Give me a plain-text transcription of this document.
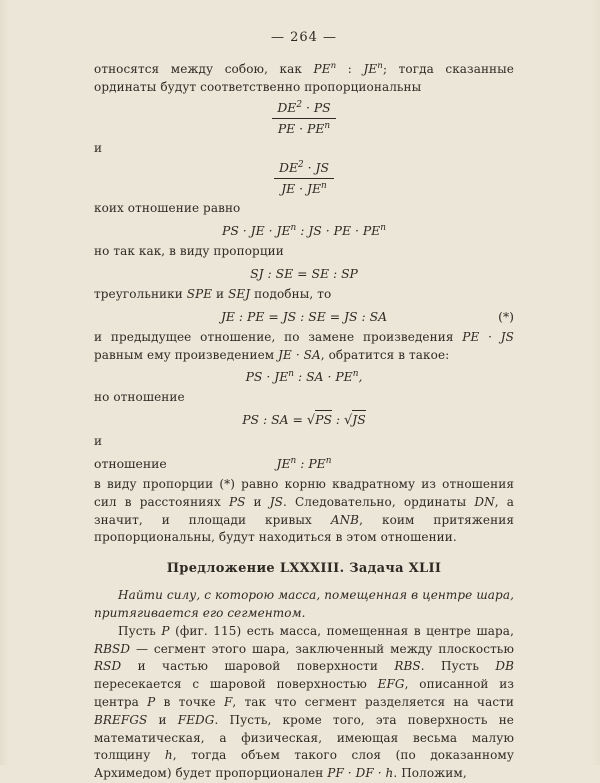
— 264 —

относятся между собою, как $PE^n$ : $JE^n$; тогда сказанные ординаты будут соответственно пропорциональны

$\frac{DE^2 \cdot PS}{PE \cdot PE^n}$

и

$\frac{DE^2 \cdot JS}{JE \cdot JE^n}$

коих отношение равно

PS · JE · $JE^n$ : JS · PE · $PE^n$

но так как, в виду пропорции

SJ : SE = SE : SP

треугольники SPE и SEJ подобны, то

JE : PE = JS : SE = JS : SA	(*)

и предыдущее отношение, по замене произведения PE · JS равным ему произведением JE · SA, обратится в такое:

PS · $JE^n$ : SA · $PE^n$,

но отношение

PS : SA = √PS : √JS

и

отношение	$JE^n$ : $PE^n$

в виду пропорции (*) равно корню квадратному из отношения сил в расстояниях PS и JS. Следовательно, ординаты DN, а значит, и площади кривых ANB, коим притяжения пропорциональны, будут находиться в этом отношении.

Предложение LXXXIII. Задача XLII

Найти силу, с которою масса, помещенная в центре шара, притягивается его сегментом.

Пусть P (фиг. 115) есть масса, помещенная в центре шара, RBSD — сегмент этого шара, заключенный между плоскостью RSD и частью шаровой поверхности RBS. Пусть DB пересекается с шаровой поверхностью EFG, описанной из центра P в точке F, так что сегмент разделяется на части BREFGS и FEDG. Пусть, кроме того, эта поверхность не математическая, а физическая, имеющая весьма малую толщину h, тогда объем такого слоя (по доказанному Архимедом) будет пропорционален PF · DF · h. Положим,
